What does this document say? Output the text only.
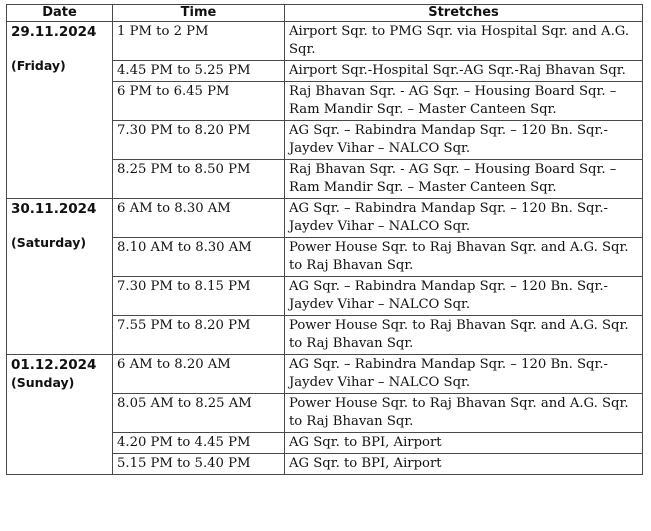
Date	Time	Stretches

29.11.2024
(Friday)	1 PM to 2 PM	Airport Sqr. to PMG Sqr. via Hospital Sqr. and A.G. Sqr.
	4.45 PM to 5.25 PM	Airport Sqr.-Hospital Sqr.-AG Sqr.-Raj Bhavan Sqr.
	6 PM to 6.45 PM	Raj Bhavan Sqr. - AG Sqr. – Housing Board Sqr. – Ram Mandir Sqr. – Master Canteen Sqr.
	7.30 PM to 8.20 PM	AG Sqr. – Rabindra Mandap Sqr. – 120 Bn. Sqr.- Jaydev Vihar – NALCO Sqr.
	8.25 PM to 8.50 PM	Raj Bhavan Sqr. - AG Sqr. – Housing Board Sqr. – Ram Mandir Sqr. – Master Canteen Sqr.

30.11.2024
(Saturday)	6 AM to 8.30 AM	AG Sqr. – Rabindra Mandap Sqr. – 120 Bn. Sqr.- Jaydev Vihar – NALCO Sqr.
	8.10 AM to 8.30 AM	Power House Sqr. to Raj Bhavan Sqr. and A.G. Sqr. to Raj Bhavan Sqr.
	7.30 PM to 8.15 PM	AG Sqr. – Rabindra Mandap Sqr. – 120 Bn. Sqr.- Jaydev Vihar – NALCO Sqr.
	7.55 PM to 8.20 PM	Power House Sqr. to Raj Bhavan Sqr. and A.G. Sqr. to Raj Bhavan Sqr.

01.12.2024
(Sunday)	6 AM to 8.20 AM	AG Sqr. – Rabindra Mandap Sqr. – 120 Bn. Sqr.- Jaydev Vihar – NALCO Sqr.
	8.05 AM to 8.25 AM	Power House Sqr. to Raj Bhavan Sqr. and A.G. Sqr. to Raj Bhavan Sqr.
	4.20 PM to 4.45 PM	AG Sqr. to BPI, Airport
	5.15 PM to 5.40 PM	AG Sqr. to BPI, Airport
